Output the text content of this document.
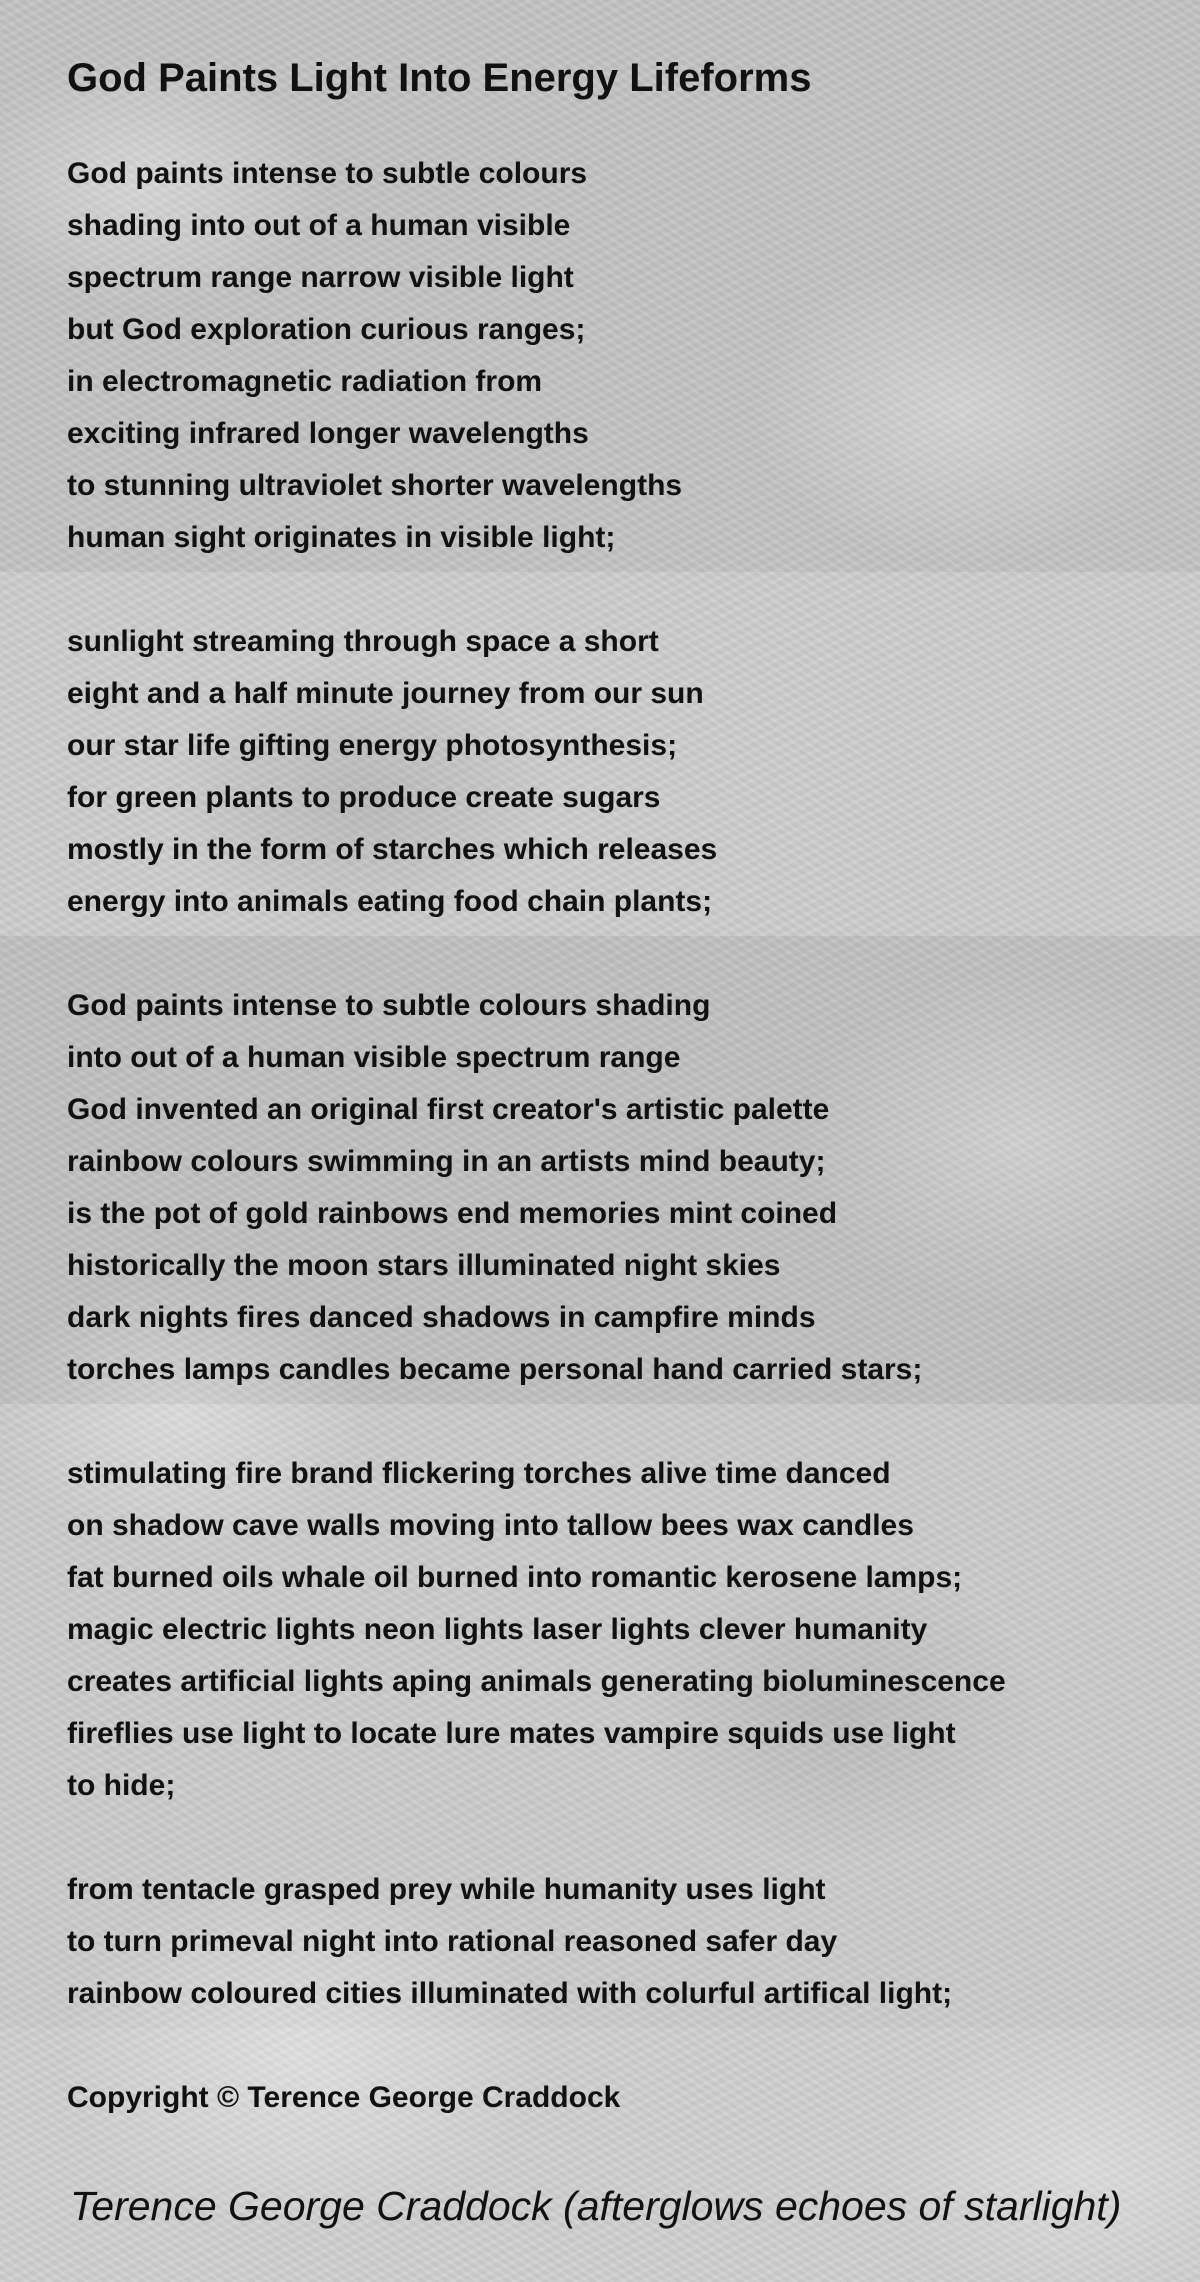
God Paints Light Into Energy Lifeforms
God paints intense to subtle colours
shading into out of a human visible
spectrum range narrow visible light
but God exploration curious ranges;
in electromagnetic radiation from
exciting infrared longer wavelengths
to stunning ultraviolet shorter wavelengths
human sight originates in visible light;
sunlight streaming through space a short
eight and a half minute journey from our sun
our star life gifting energy photosynthesis;
for green plants to produce create sugars
mostly in the form of starches which releases
energy into animals eating food chain plants;
God paints intense to subtle colours shading
into out of a human visible spectrum range
God invented an original first creator's artistic palette
rainbow colours swimming in an artists mind beauty;
is the pot of gold rainbows end memories mint coined
historically the moon stars illuminated night skies
dark nights fires danced shadows in campfire minds
torches lamps candles became personal hand carried stars;
stimulating fire brand flickering torches alive time danced
on shadow cave walls moving into tallow bees wax candles
fat burned oils whale oil burned into romantic kerosene lamps;
magic electric lights neon lights laser lights clever humanity
creates artificial lights aping animals generating bioluminescence
fireflies use light to locate lure mates vampire squids use light
to hide;
from tentacle grasped prey while humanity uses light
to turn primeval night into rational reasoned safer day
rainbow coloured cities illuminated with colurful artifical light;
Copyright © Terence George Craddock
Terence George Craddock (afterglows echoes of starlight)
